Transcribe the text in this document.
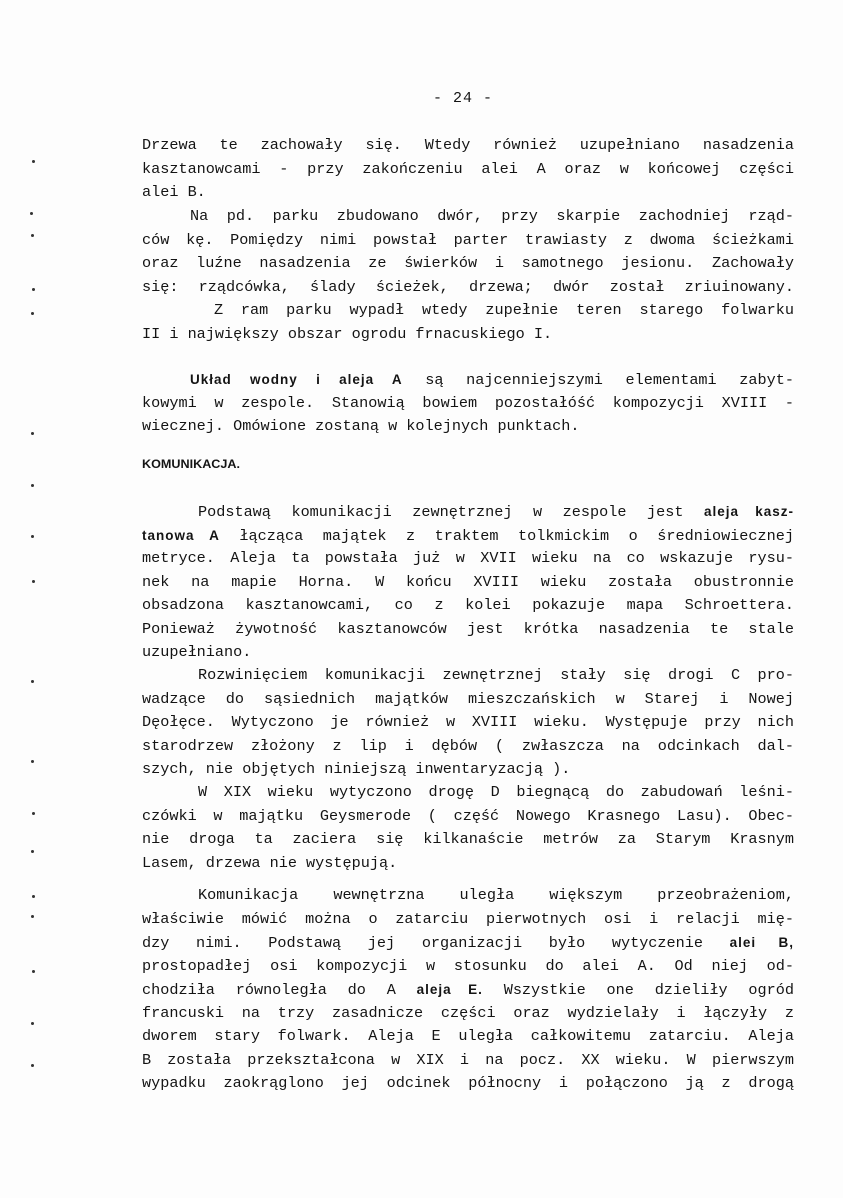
- 24 -
Drzewa te zachowały się. Wtedy również uzupełniano nasadzenia
kasztanowcami - przy zakończeniu alei A oraz w końcowej części
alei B.
Na pd. parku zbudowano dwór, przy skarpie zachodniej rząd-
ców kę. Pomiędzy nimi powstał parter trawiasty z dwoma ścieżkami
oraz luźne nasadzenia ze świerków i samotnego jesionu. Zachowały
się: rządcówka, ślady ścieżek, drzewa; dwór został zriuinowany.
Z ram parku wypadł wtedy zupełnie teren starego folwarku
II i największy obszar ogrodu frnacuskiego I.
Układ wodny i aleja A są najcenniejszymi elementami zabyt-
kowymi w zespole. Stanowią bowiem pozostałóść kompozycji XVIII -
wiecznej. Omówione zostaną w kolejnych punktach.
KOMUNIKACJA.
Podstawą komunikacji zewnętrznej w zespole jest aleja kasz-
tanowa A łącząca majątek z traktem tolkmickim o średniowiecznej
metryce. Aleja ta powstała już w XVII wieku na co wskazuje rysu-
nek na mapie Horna. W końcu XVIII wieku została obustronnie
obsadzona kasztanowcami, co z kolei pokazuje mapa Schroettera.
Ponieważ żywotność kasztanowców jest krótka nasadzenia te stale
uzupełniano.
Rozwinięciem komunikacji zewnętrznej stały się drogi C pro-
wadzące do sąsiednich majątków mieszczańskich w Starej i Nowej
Dęołęce. Wytyczono je również w XVIII wieku. Występuje przy nich
starodrzew złożony z lip i dębów ( zwłaszcza na odcinkach dal-
szych, nie objętych niniejszą inwentaryzacją ).
W XIX wieku wytyczono drogę D biegnącą do zabudowań leśni-
czówki w majątku Geysmerode ( część Nowego Krasnego Lasu). Obec-
nie droga ta zaciera się kilkanaście metrów za Starym Krasnym
Lasem, drzewa nie występują.
Komunikacja wewnętrzna uległa większym przeobrażeniom,
właściwie mówić można o zatarciu pierwotnych osi i relacji mię-
dzy nimi. Podstawą jej organizacji było wytyczenie alei B,
prostopadłej osi kompozycji w stosunku do alei A. Od niej od-
chodziła równoległa do A aleja E. Wszystkie one dzieliły ogród
francuski na trzy zasadnicze części oraz wydzielały i łączyły z
dworem stary folwark. Aleja E uległa całkowitemu zatarciu. Aleja
B została przekształcona w XIX i na pocz. XX wieku. W pierwszym
wypadku zaokrąglono jej odcinek północny i połączono ją z drogą
